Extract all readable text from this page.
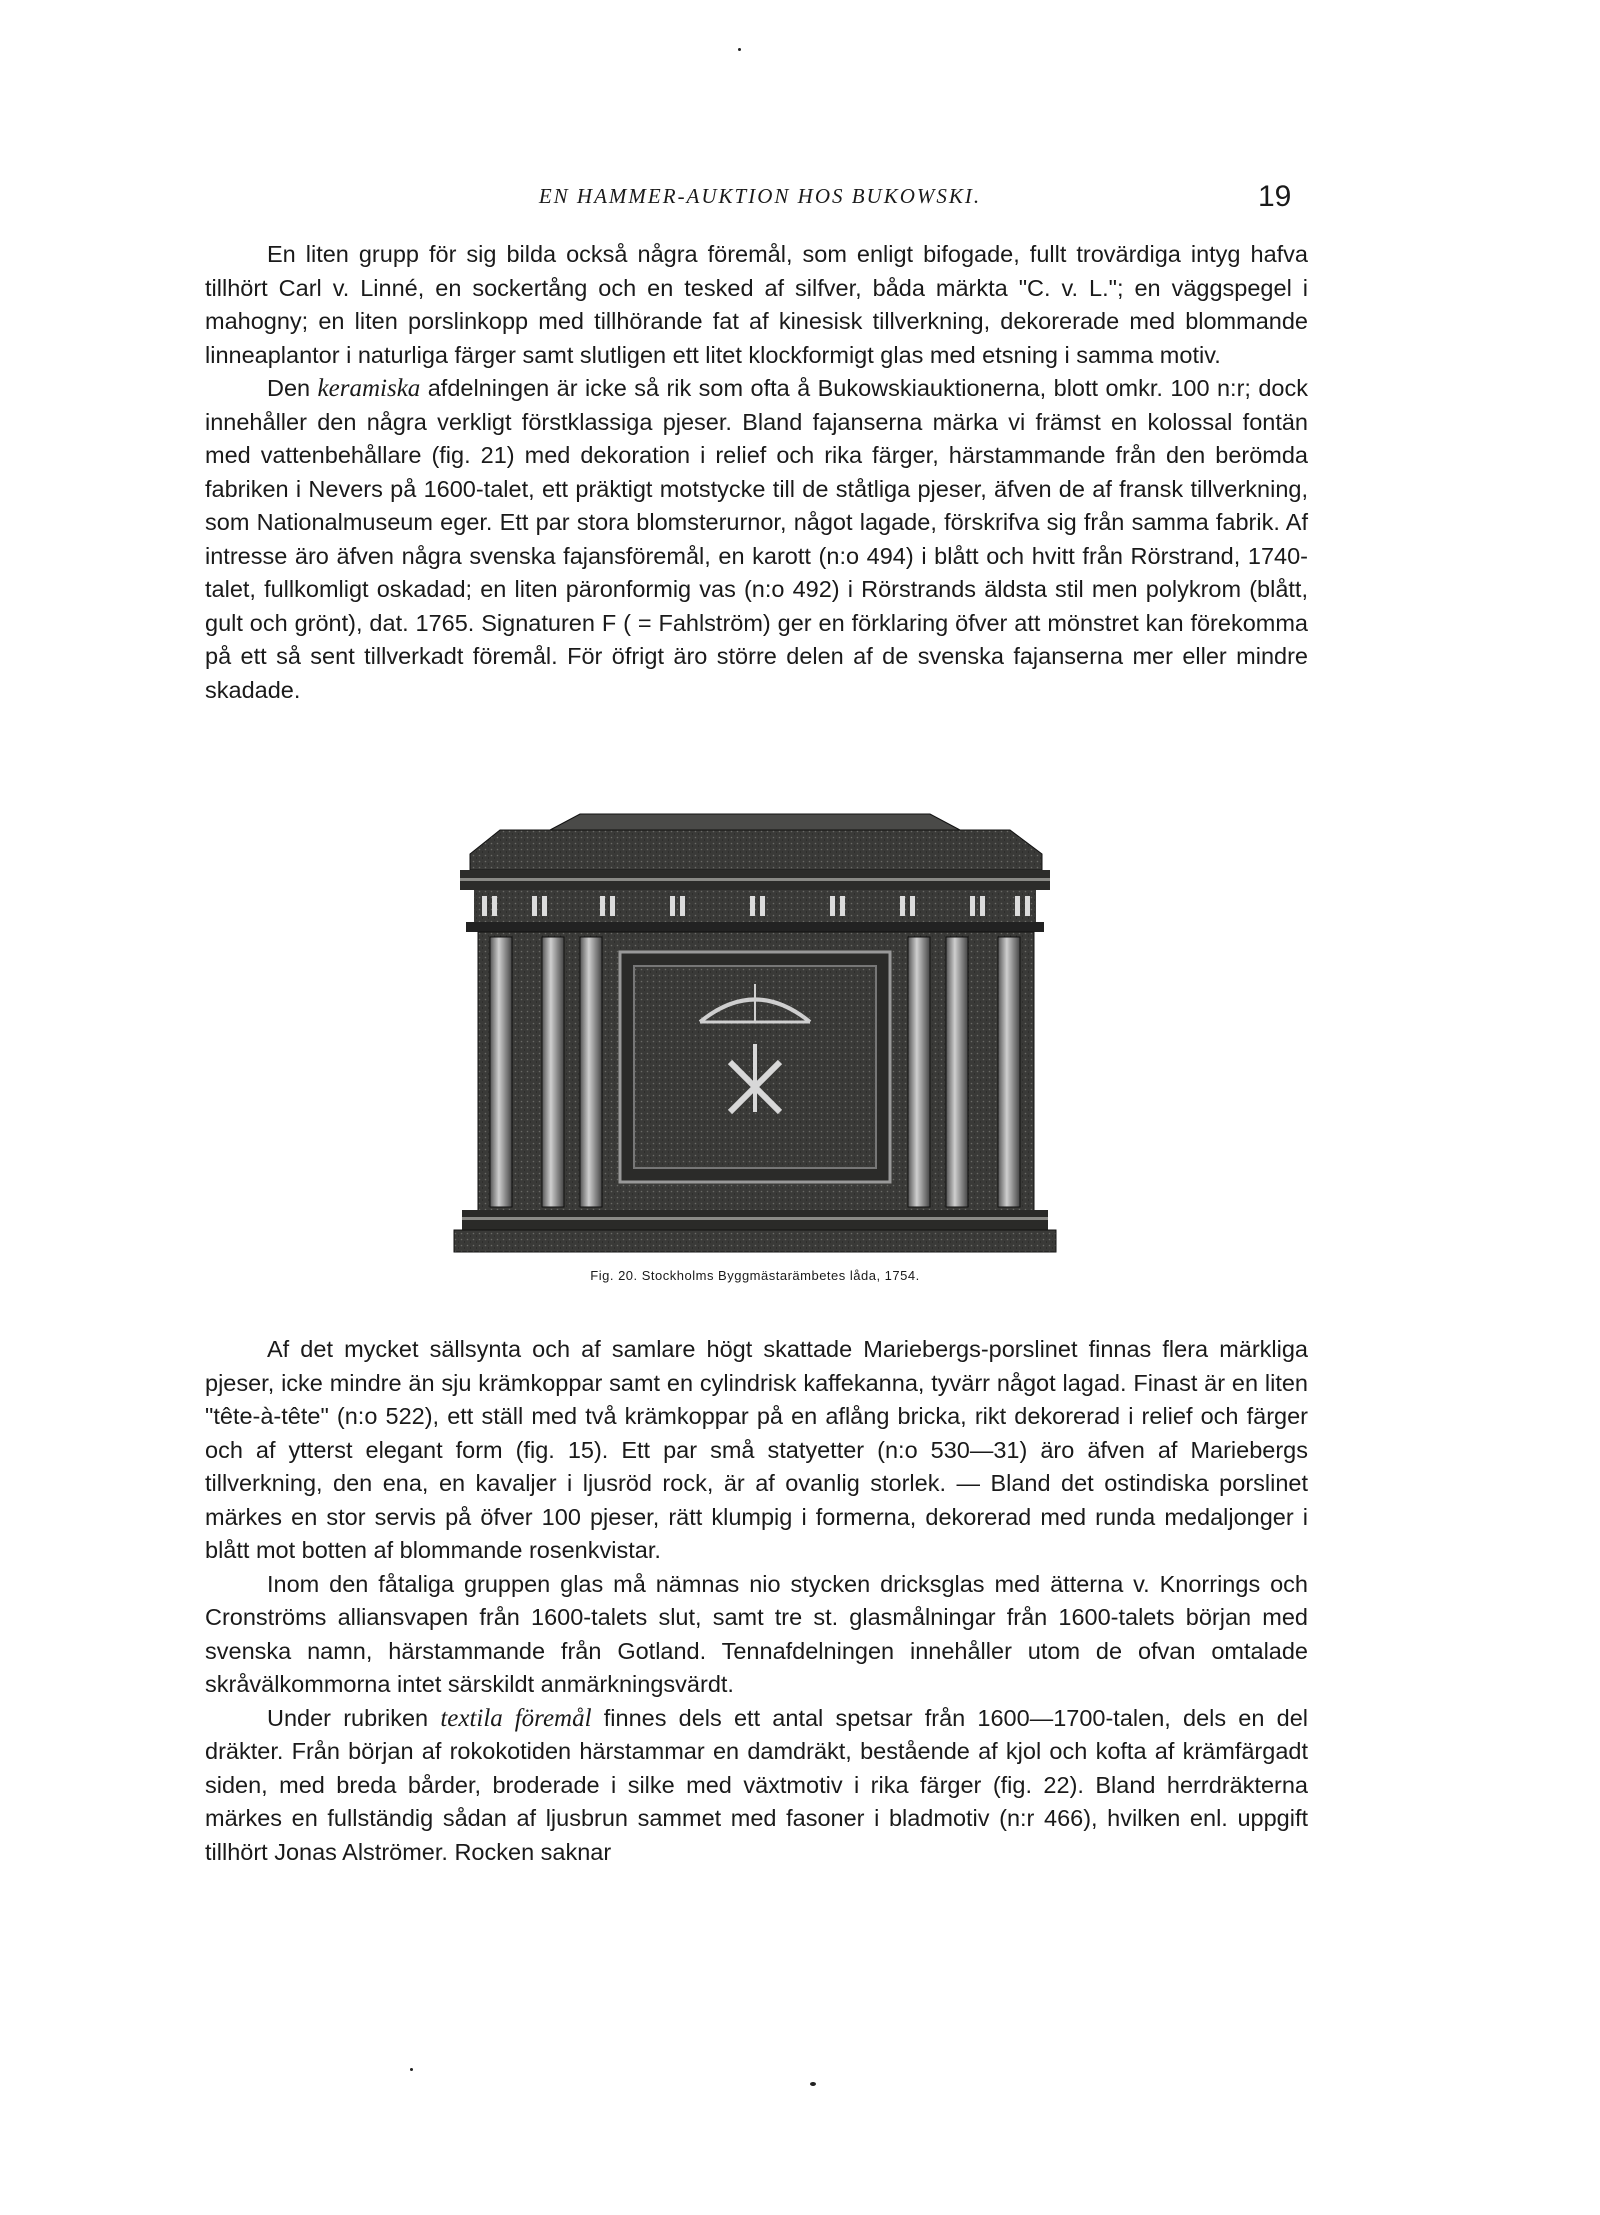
EN HAMMER-AUKTION HOS BUKOWSKI.	19

En liten grupp för sig bilda också några föremål, som enligt bifogade, fullt trovärdiga intyg hafva tillhört Carl v. Linné, en sockertång och en tesked af silfver, båda märkta "C. v. L."; en väggspegel i mahogny; en liten porslinkopp med tillhörande fat af kinesisk tillverkning, dekorerade med blommande linneaplantor i naturliga färger samt slutligen ett litet klockformigt glas med etsning i samma motiv.

Den keramiska afdelningen är icke så rik som ofta å Bukowskiauktionerna, blott omkr. 100 n:r; dock innehåller den några verkligt förstklassiga pjeser. Bland fajanserna märka vi främst en kolossal fontän med vattenbehållare (fig. 21) med dekoration i relief och rika färger, härstammande från den berömda fabriken i Nevers på 1600-talet, ett präktigt motstycke till de ståtliga pjeser, äfven de af fransk tillverkning, som Nationalmuseum eger. Ett par stora blomsterurnor, något lagade, förskrifva sig från samma fabrik. Af intresse äro äfven några svenska fajansföremål, en karott (n:o 494) i blått och hvitt från Rörstrand, 1740-talet, fullkomligt oskadad; en liten päronformig vas (n:o 492) i Rörstrands äldsta stil men polykrom (blått, gult och grönt), dat. 1765. Signaturen F ( = Fahlström) ger en förklaring öfver att mönstret kan förekomma på ett så sent tillverkadt föremål. För öfrigt äro större delen af de svenska fajanserna mer eller mindre skadade.

Fig. 20. Stockholms Byggmästarämbetes låda, 1754.

Af det mycket sällsynta och af samlare högt skattade Mariebergs-porslinet finnas flera märkliga pjeser, icke mindre än sju krämkoppar samt en cylindrisk kaffekanna, tyvärr något lagad. Finast är en liten "tête-à-tête" (n:o 522), ett ställ med två krämkoppar på en aflång bricka, rikt dekorerad i relief och färger och af ytterst elegant form (fig. 15). Ett par små statyetter (n:o 530—31) äro äfven af Mariebergs tillverkning, den ena, en kavaljer i ljusröd rock, är af ovanlig storlek. — Bland det ostindiska porslinet märkes en stor servis på öfver 100 pjeser, rätt klumpig i formerna, dekorerad med runda medaljonger i blått mot botten af blommande rosenkvistar.

Inom den fåtaliga gruppen glas må nämnas nio stycken dricksglas med ätterna v. Knorrings och Cronströms alliansvapen från 1600-talets slut, samt tre st. glasmålningar från 1600-talets början med svenska namn, härstammande från Gotland. Tennafdelningen innehåller utom de ofvan omtalade skråvälkommorna intet särskildt anmärkningsvärdt.

Under rubriken textila föremål finnes dels ett antal spetsar från 1600—1700-talen, dels en del dräkter. Från början af rokokotiden härstammar en damdräkt, bestående af kjol och kofta af krämfärgadt siden, med breda bårder, broderade i silke med växtmotiv i rika färger (fig. 22). Bland herrdräkterna märkes en fullständig sådan af ljusbrun sammet med fasoner i bladmotiv (n:r 466), hvilken enl. uppgift tillhört Jonas Alströmer. Rocken saknar
